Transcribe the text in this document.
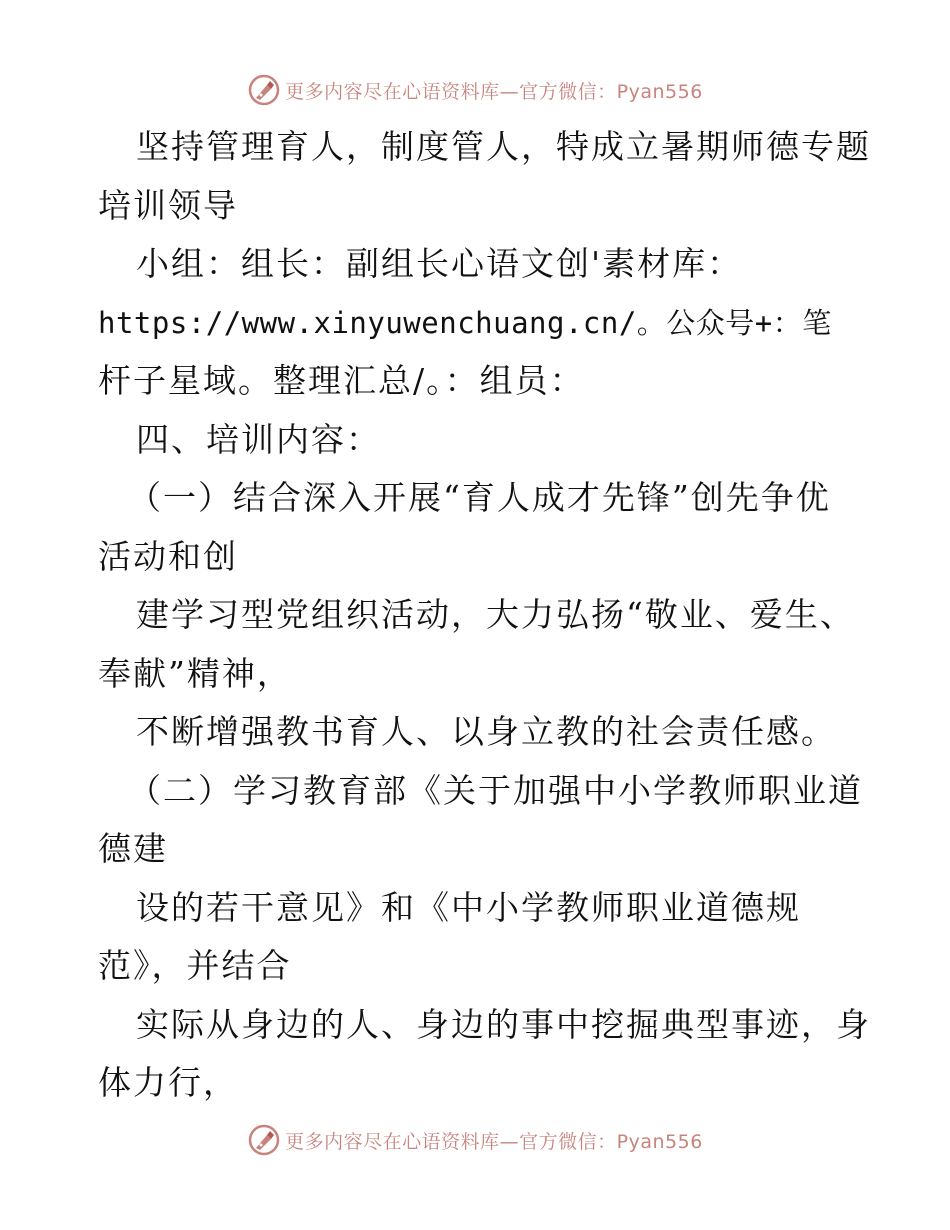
更多内容尽在心语资料库—官方微信：Pyan556
坚持管理育人，制度管人，特成立暑期师德专题
培训领导
小组：组长：副组长心语文创'素材库：
https://www.xinyuwenchuang.cn/。公众号+：笔
杆子星域。整理汇总/。：组员：
四、培训内容：
（一）结合深入开展“育人成才先锋”创先争优
活动和创
建学习型党组织活动，大力弘扬“敬业、爱生、
奉献”精神，
不断增强教书育人、以身立教的社会责任感。
（二）学习教育部《关于加强中小学教师职业道
德建
设的若干意见》和《中小学教师职业道德规
范》，并结合
实际从身边的人、身边的事中挖掘典型事迹，身
体力行，
更多内容尽在心语资料库—官方微信：Pyan556
